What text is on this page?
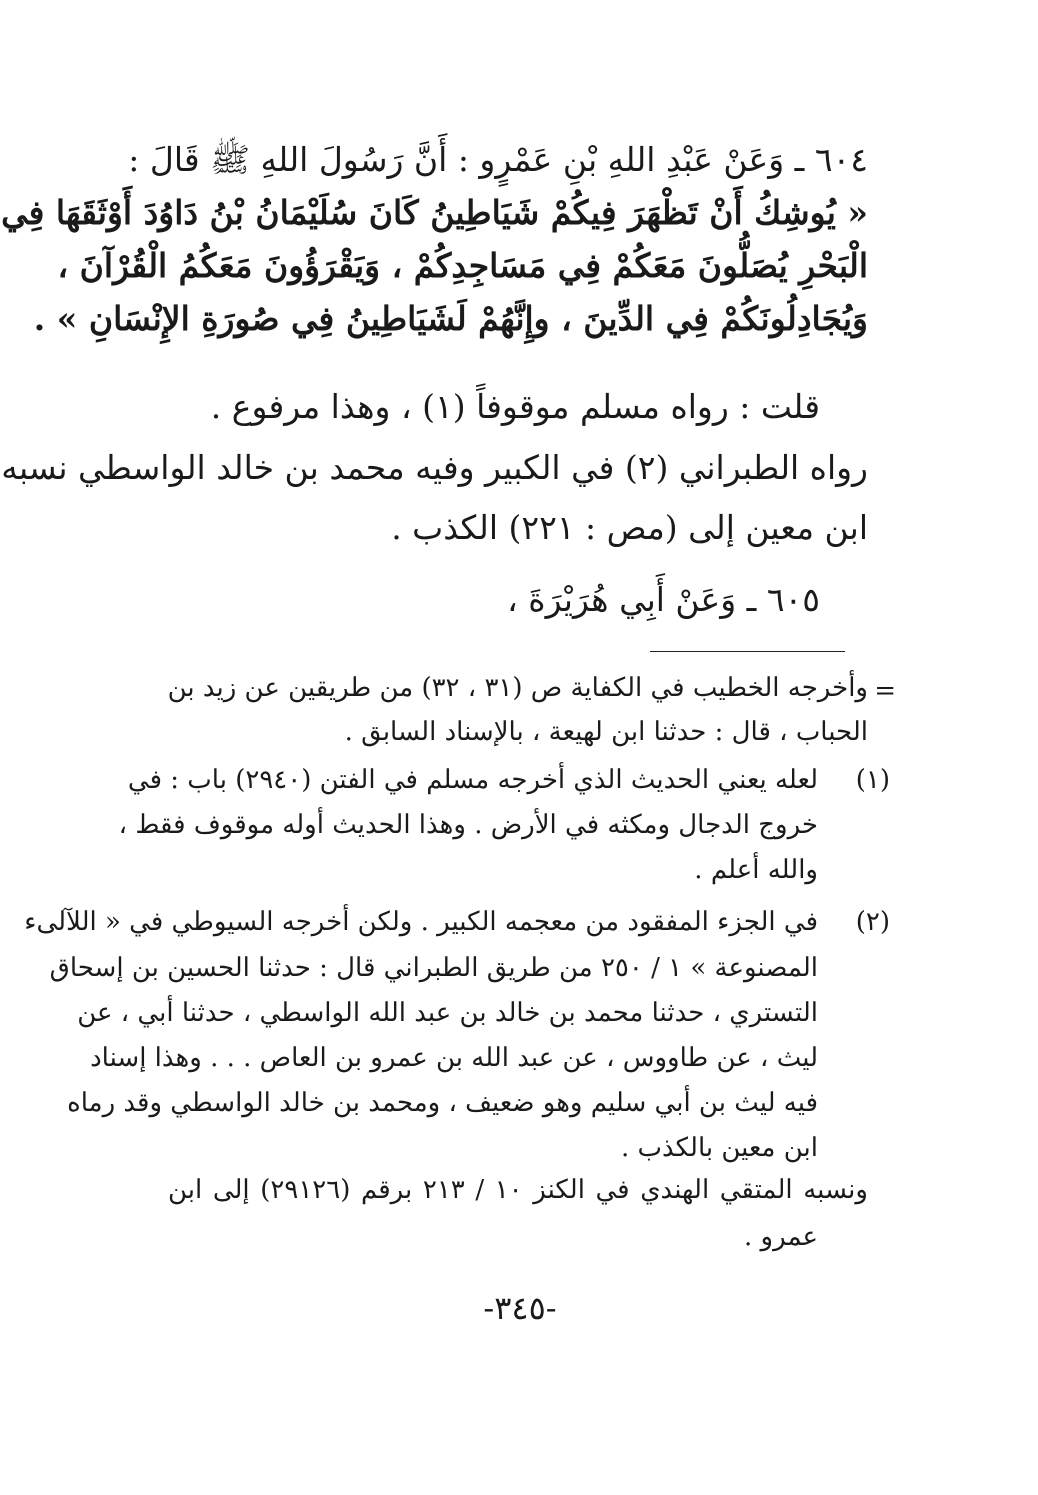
٦٠٤ ـ وَعَنْ عَبْدِ اللهِ بْنِ عَمْرٍو : أَنَّ رَسُولَ اللهِ ﷺ قَالَ :

« يُوشِكُ أَنْ تَظْهَرَ فِيكُمْ شَيَاطِينُ كَانَ سُلَيْمَانُ بْنُ دَاوُدَ أَوْثَقَهَا فِي

الْبَحْرِ يُصَلُّونَ مَعَكُمْ فِي مَسَاجِدِكُمْ ، وَيَقْرَؤُونَ مَعَكُمُ الْقُرْآنَ ،

وَيُجَادِلُونَكُمْ فِي الدِّينَ ، وإِنَّهُمْ لَشَيَاطِينُ فِي صُورَةِ الإِنْسَانِ » .

قلت : رواه مسلم موقوفاً (١) ، وهذا مرفوع .

رواه الطبراني (٢) في الكبير وفيه محمد بن خالد الواسطي نسبه

ابن معين إلى (مص : ٢٢١) الكذب .

٦٠٥ ـ وَعَنْ أَبِي هُرَيْرَةَ ،

=

وأخرجه الخطيب في الكفاية ص (٣١ ، ٣٢) من طريقين عن زيد بن

الحباب ، قال : حدثنا ابن لهيعة ، بالإسناد السابق .

(١)

لعله يعني الحديث الذي أخرجه مسلم في الفتن (٢٩٤٠) باب : في

خروج الدجال ومكثه في الأرض . وهذا الحديث أوله موقوف فقط ،

والله أعلم .

(٢)

في الجزء المفقود من معجمه الكبير . ولكن أخرجه السيوطي في « اللآلىء

المصنوعة » ١ / ٢٥٠ من طريق الطبراني قال : حدثنا الحسين بن إسحاق

التستري ، حدثنا محمد بن خالد بن عبد الله الواسطي ، حدثنا أبي ، عن

ليث ، عن طاووس ، عن عبد الله بن عمرو بن العاص . . . وهذا إسناد

فيه ليث بن أبي سليم وهو ضعيف ، ومحمد بن خالد الواسطي وقد رماه

ابن معين بالكذب .

ونسبه المتقي الهندي في الكنز ١٠ / ٢١٣ برقم (٢٩١٢٦) إلى ابن

عمرو .

-٣٤٥-
